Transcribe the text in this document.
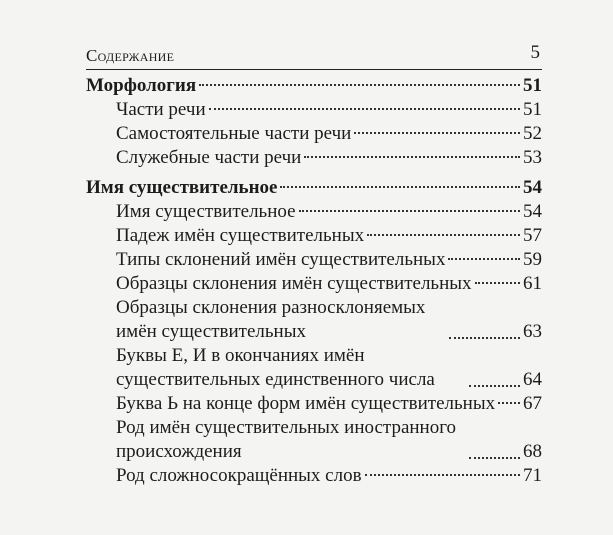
Содержание	5
Морфология	51
Части речи	51
Самостоятельные части речи	52
Служебные части речи	53
Имя существительное	54
Имя существительное	54
Падеж имён существительных	57
Типы склонений имён существительных	59
Образцы склонения имён существительных	61
Образцы склонения разносклоняемых имён существительных	63
Буквы Е, И в окончаниях имён существительных единственного числа	64
Буква Ь на конце форм имён существительных 67
Род имён существительных иностранного происхождения	68
Род сложносокращённых слов	71
